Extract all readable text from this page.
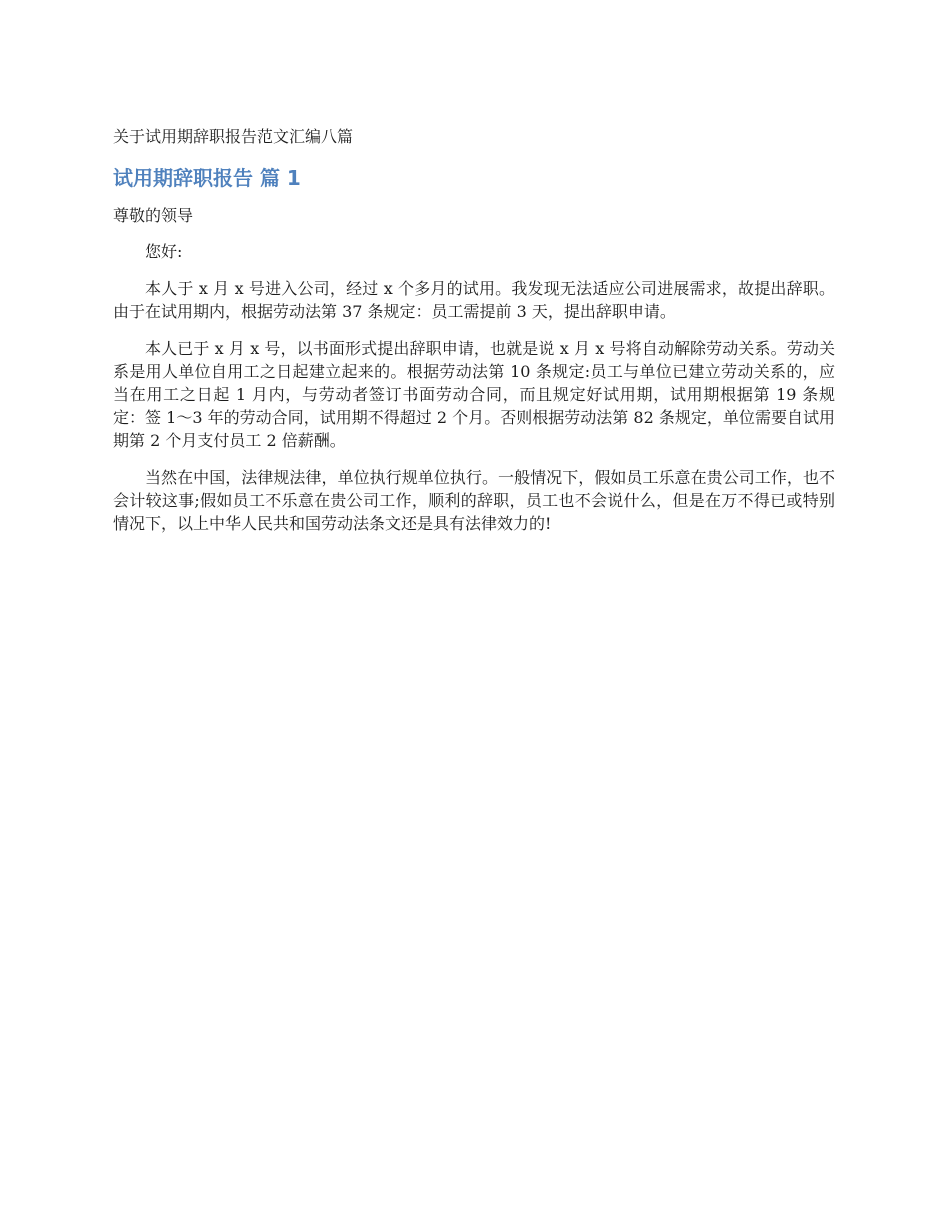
关于试用期辞职报告范文汇编八篇

试用期辞职报告 篇 1

尊敬的领导

您好:

本人于 x 月 x 号进入公司，经过 x 个多月的试用。我发现无法适应公司进展需求，故提出辞职。由于在试用期内，根据劳动法第 37 条规定：员工需提前 3 天，提出辞职申请。

本人已于 x 月 x 号，以书面形式提出辞职申请，也就是说 x 月 x 号将自动解除劳动关系。劳动关系是用人单位自用工之日起建立起来的。根据劳动法第 10 条规定:员工与单位已建立劳动关系的，应当在用工之日起 1 月内，与劳动者签订书面劳动合同，而且规定好试用期，试用期根据第 19 条规定：签 1～3 年的劳动合同，试用期不得超过 2 个月。否则根据劳动法第 82 条规定，单位需要自试用期第 2 个月支付员工 2 倍薪酬。

当然在中国，法律规法律，单位执行规单位执行。一般情况下，假如员工乐意在贵公司工作，也不会计较这事;假如员工不乐意在贵公司工作，顺利的辞职，员工也不会说什么，但是在万不得已或特别情况下，以上中华人民共和国劳动法条文还是具有法律效力的!
